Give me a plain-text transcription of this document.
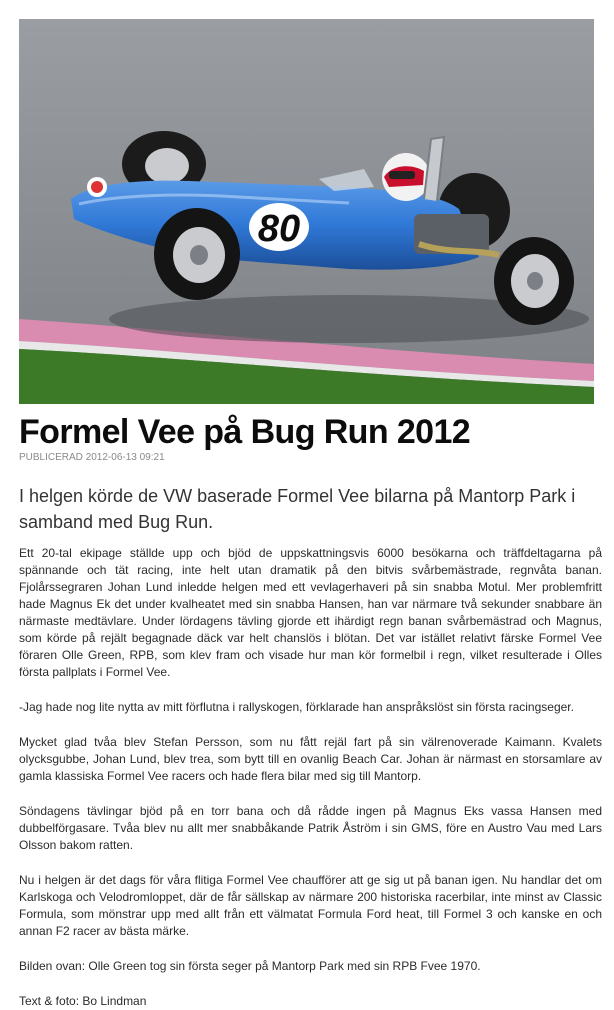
80
Formel Vee på Bug Run 2012
PUBLICERAD 2012-06-13 09:21

I helgen körde de VW baserade Formel Vee bilarna på Mantorp Park i samband med Bug Run.

Ett 20-tal ekipage ställde upp och bjöd de uppskattningsvis 6000 besökarna och träffdeltagarna på spännande och tät racing, inte helt utan dramatik på den bitvis svårbemästrade, regnvåta banan. Fjolårssegraren Johan Lund inledde helgen med ett vevlagerhaveri på sin snabba Motul. Mer problemfritt hade Magnus Ek det under kvalheatet med sin snabba Hansen, han var närmare två sekunder snabbare än närmaste medtävlare. Under lördagens tävling gjorde ett ihärdigt regn banan svårbemästrad och Magnus, som körde på rejält begagnade däck var helt chanslös i blötan. Det var istället relativt färske Formel Vee föraren Olle Green, RPB, som klev fram och visade hur man kör formelbil i regn, vilket resulterade i Olles första pallplats i Formel Vee.

-Jag hade nog lite nytta av mitt förflutna i rallyskogen, förklarade han anspråkslöst sin första racingseger.

Mycket glad tvåa blev Stefan Persson, som nu fått rejäl fart på sin välrenoverade Kaimann. Kvalets olycksgubbe, Johan Lund, blev trea, som bytt till en ovanlig Beach Car. Johan är närmast en storsamlare av gamla klassiska Formel Vee racers och hade flera bilar med sig till Mantorp.

Söndagens tävlingar bjöd på en torr bana och då rådde ingen på Magnus Eks vassa Hansen med dubbelförgasare. Tvåa blev nu allt mer snabbåkande Patrik Åström i sin GMS, före en Austro Vau med Lars Olsson bakom ratten.

Nu i helgen är det dags för våra flitiga Formel Vee chaufförer att ge sig ut på banan igen. Nu handlar det om Karlskoga och Velodromloppet, där de får sällskap av närmare 200 historiska racerbilar, inte minst av Classic Formula, som mönstrar upp med allt från ett välmatat Formula Ford heat, till Formel 3 och kanske en och annan F2 racer av bästa märke.

Bilden ovan: Olle Green tog sin första seger på Mantorp Park med sin RPB Fvee 1970.

Text & foto: Bo Lindman
